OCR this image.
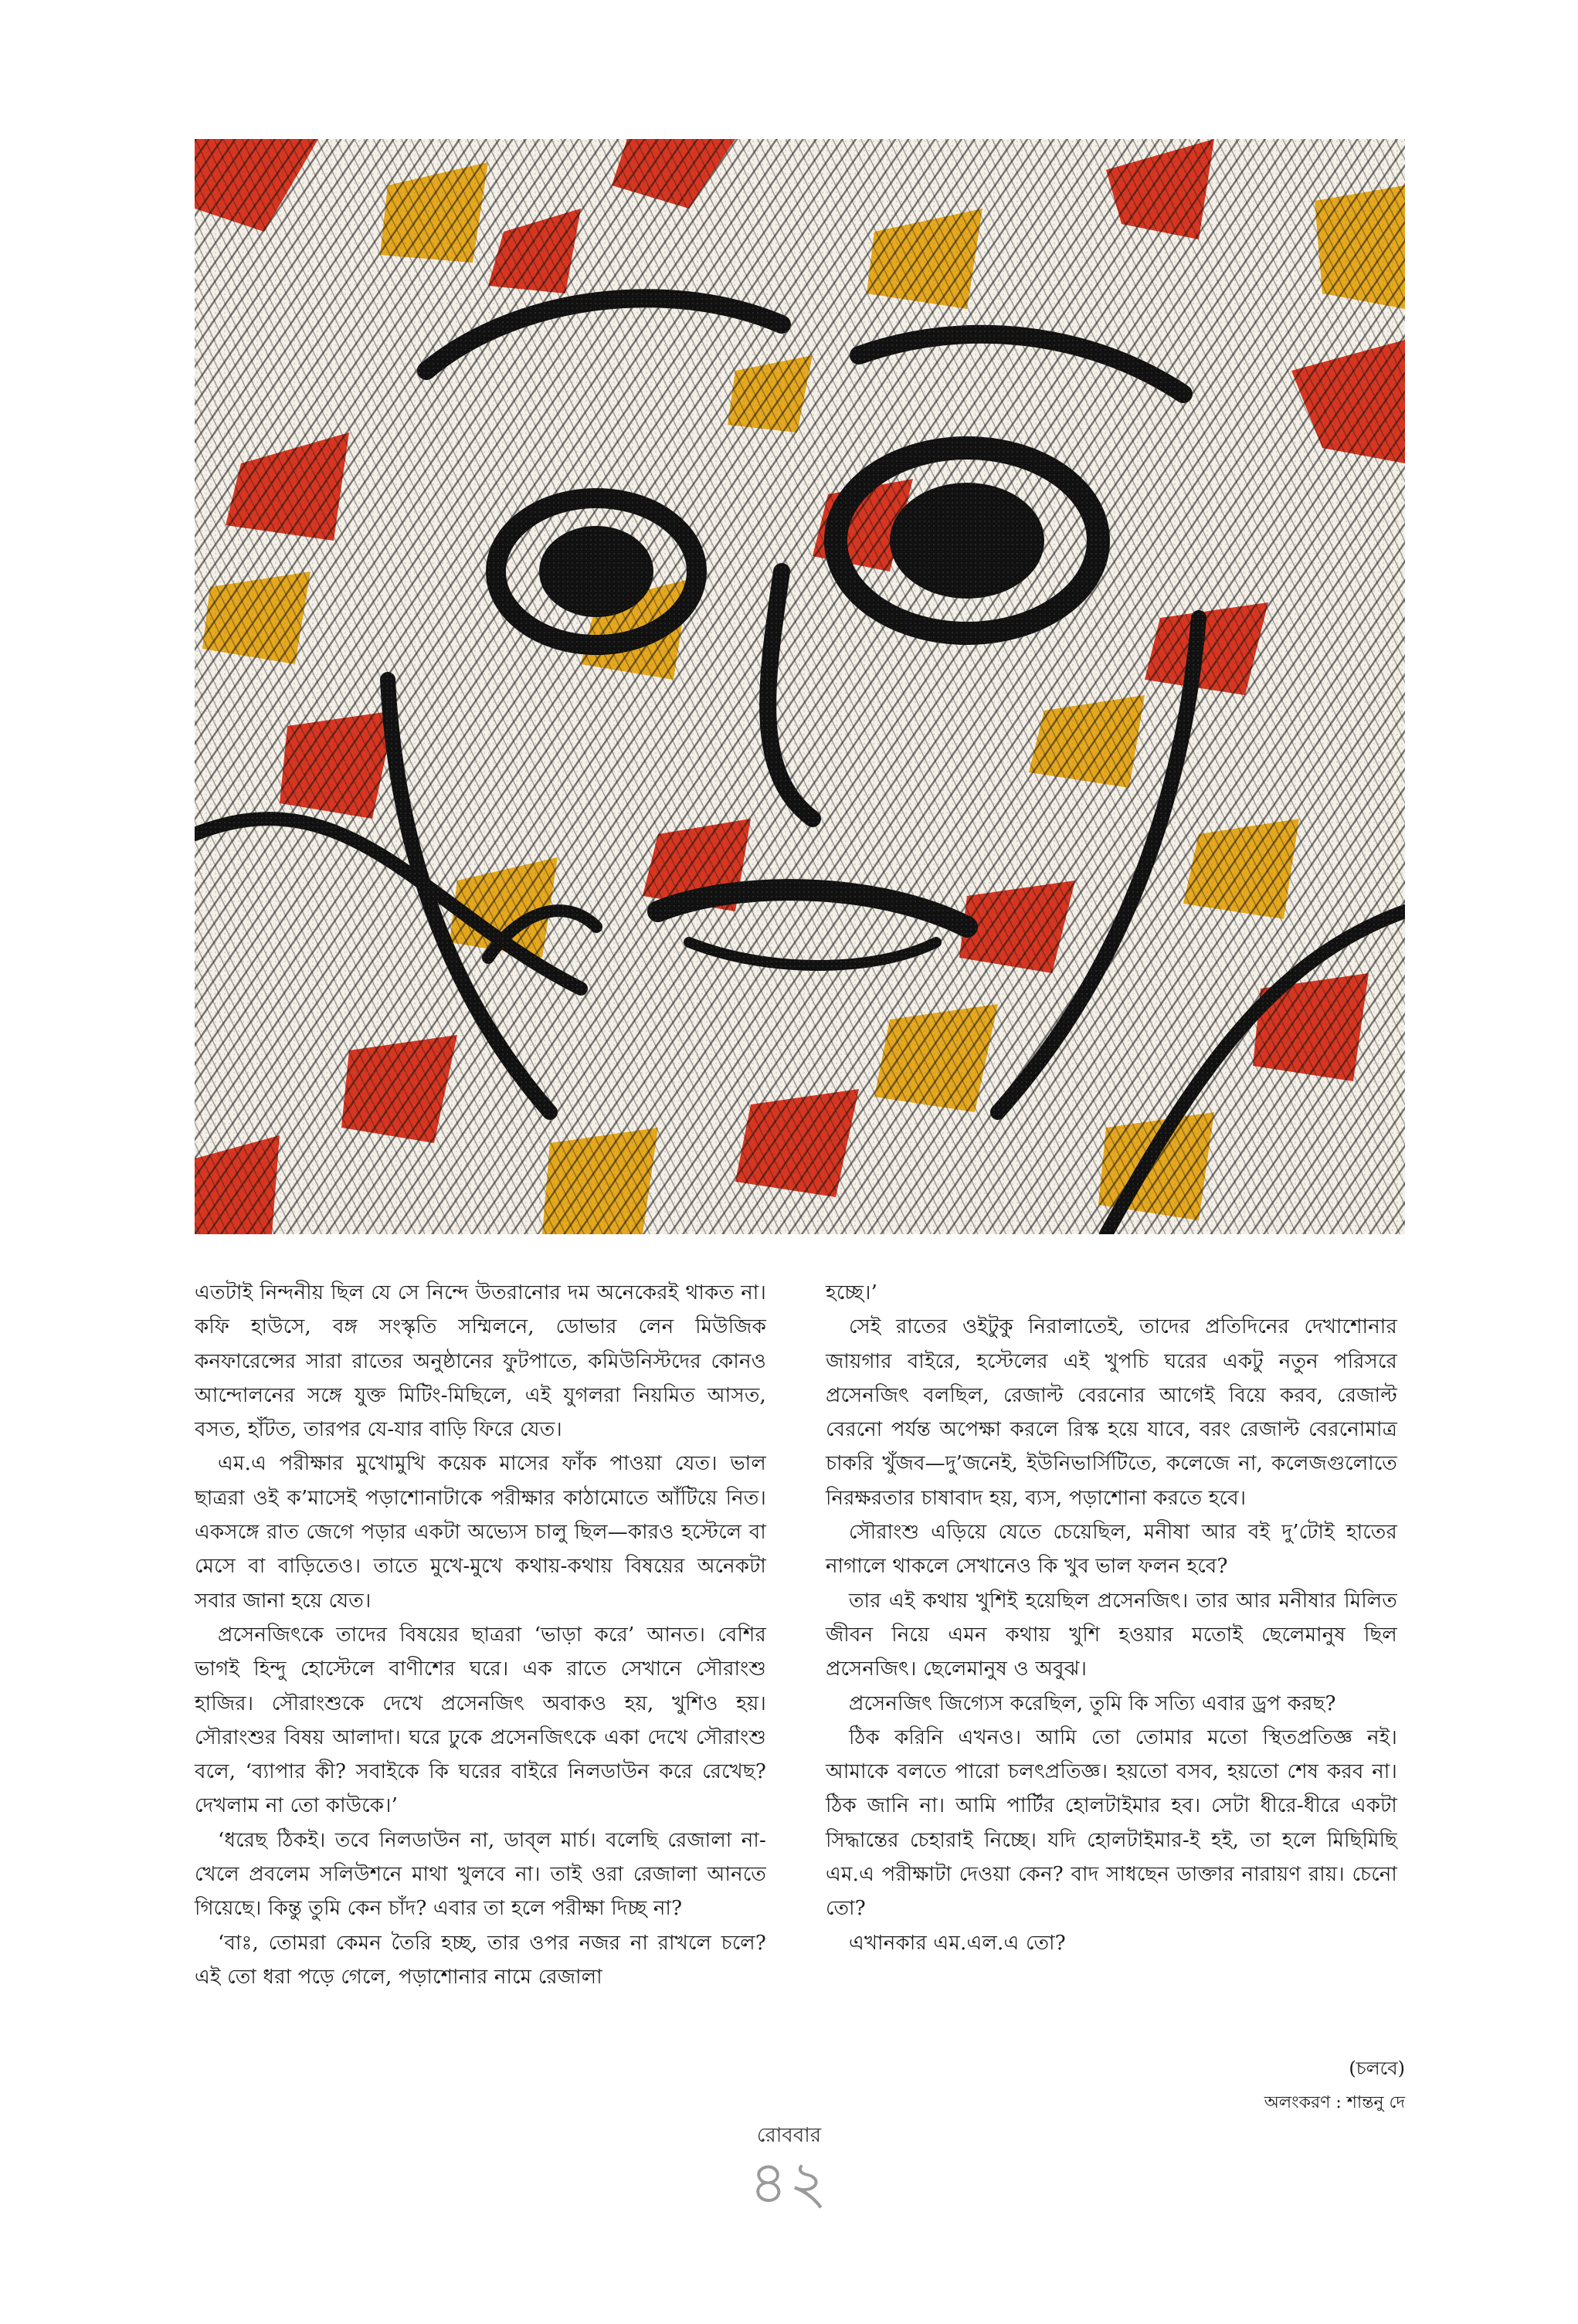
এতটাই নিন্দনীয় ছিল যে সে নিন্দে উতরানোর দম অনেকেরই থাকত না। কফি হাউসে, বঙ্গ সংস্কৃতি সম্মিলনে, ডোভার লেন মিউজিক কনফারেন্সের সারা রাতের অনুষ্ঠানের ফুটপাতে, কমিউনিস্টদের কোনও আন্দোলনের সঙ্গে যুক্ত মিটিং-মিছিলে, এই যুগলরা নিয়মিত আসত, বসত, হাঁটত, তারপর যে-যার বাড়ি ফিরে যেত।

এম.এ পরীক্ষার মুখোমুখি কয়েক মাসের ফাঁক পাওয়া যেত। ভাল ছাত্ররা ওই ক’মাসেই পড়াশোনাটাকে পরীক্ষার কাঠামোতে আঁটিয়ে নিত। একসঙ্গে রাত জেগে পড়ার একটা অভ্যেস চালু ছিল—কারও হস্টেলে বা মেসে বা বাড়িতেও। তাতে মুখে-মুখে কথায়-কথায় বিষয়ের অনেকটা সবার জানা হয়ে যেত।

প্রসেনজিৎকে তাদের বিষয়ের ছাত্ররা ‘ভাড়া করে’ আনত। বেশির ভাগই হিন্দু হোস্টেলে বাণীশের ঘরে। এক রাতে সেখানে সৌরাংশু হাজির। সৌরাংশুকে দেখে প্রসেনজিৎ অবাকও হয়, খুশিও হয়। সৌরাংশুর বিষয় আলাদা। ঘরে ঢুকে প্রসেনজিৎকে একা দেখে সৌরাংশু বলে, ‘ব্যাপার কী? সবাইকে কি ঘরের বাইরে নিলডাউন করে রেখেছ? দেখলাম না তো কাউকে।’

‘ধরেছ ঠিকই। তবে নিলডাউন না, ডাব্‌ল মার্চ। বলেছি রেজালা না-খেলে প্রবলেম সলিউশনে মাথা খুলবে না। তাই ওরা রেজালা আনতে গিয়েছে। কিন্তু তুমি কেন চাঁদ? এবার তা হলে পরীক্ষা দিচ্ছ না?

‘বাঃ, তোমরা কেমন তৈরি হচ্ছ, তার ওপর নজর না রাখলে চলে? এই তো ধরা পড়ে গেলে, পড়াশোনার নামে রেজালা

হচ্ছে।’

সেই রাতের ওইটুকু নিরালাতেই, তাদের প্রতিদিনের দেখাশোনার জায়গার বাইরে, হস্টেলের এই খুপচি ঘরের একটু নতুন পরিসরে প্রসেনজিৎ বলছিল, রেজাল্ট বেরনোর আগেই বিয়ে করব, রেজাল্ট বেরনো পর্যন্ত অপেক্ষা করলে রিস্ক হয়ে যাবে, বরং রেজাল্ট বেরনোমাত্র চাকরি খুঁজব—দু’জনেই, ইউনিভার্সিটিতে, কলেজে না, কলেজগুলোতে নিরক্ষরতার চাষাবাদ হয়, ব্যস, পড়াশোনা করতে হবে।

সৌরাংশু এড়িয়ে যেতে চেয়েছিল, মনীষা আর বই দু’টোই হাতের নাগালে থাকলে সেখানেও কি খুব ভাল ফলন হবে?

তার এই কথায় খুশিই হয়েছিল প্রসেনজিৎ। তার আর মনীষার মিলিত জীবন নিয়ে এমন কথায় খুশি হওয়ার মতোই ছেলেমানুষ ছিল প্রসেনজিৎ। ছেলেমানুষ ও অবুঝ।

প্রসেনজিৎ জিগ্যেস করেছিল, তুমি কি সত্যি এবার ড্রপ করছ?

ঠিক করিনি এখনও। আমি তো তোমার মতো স্থিতপ্রতিজ্ঞ নই। আমাকে বলতে পারো চলৎপ্রতিজ্ঞ। হয়তো বসব, হয়তো শেষ করব না। ঠিক জানি না। আমি পার্টির হোলটাইমার হব। সেটা ধীরে-ধীরে একটা সিদ্ধান্তের চেহারাই নিচ্ছে। যদি হোলটাইমার-ই হই, তা হলে মিছিমিছি এম.এ পরীক্ষাটা দেওয়া কেন? বাদ সাধছেন ডাক্তার নারায়ণ রায়। চেনো তো?

এখানকার এম.এল.এ তো?

(চলবে)
অলংকরণ : শান্তনু দে
রোববার
৪২
